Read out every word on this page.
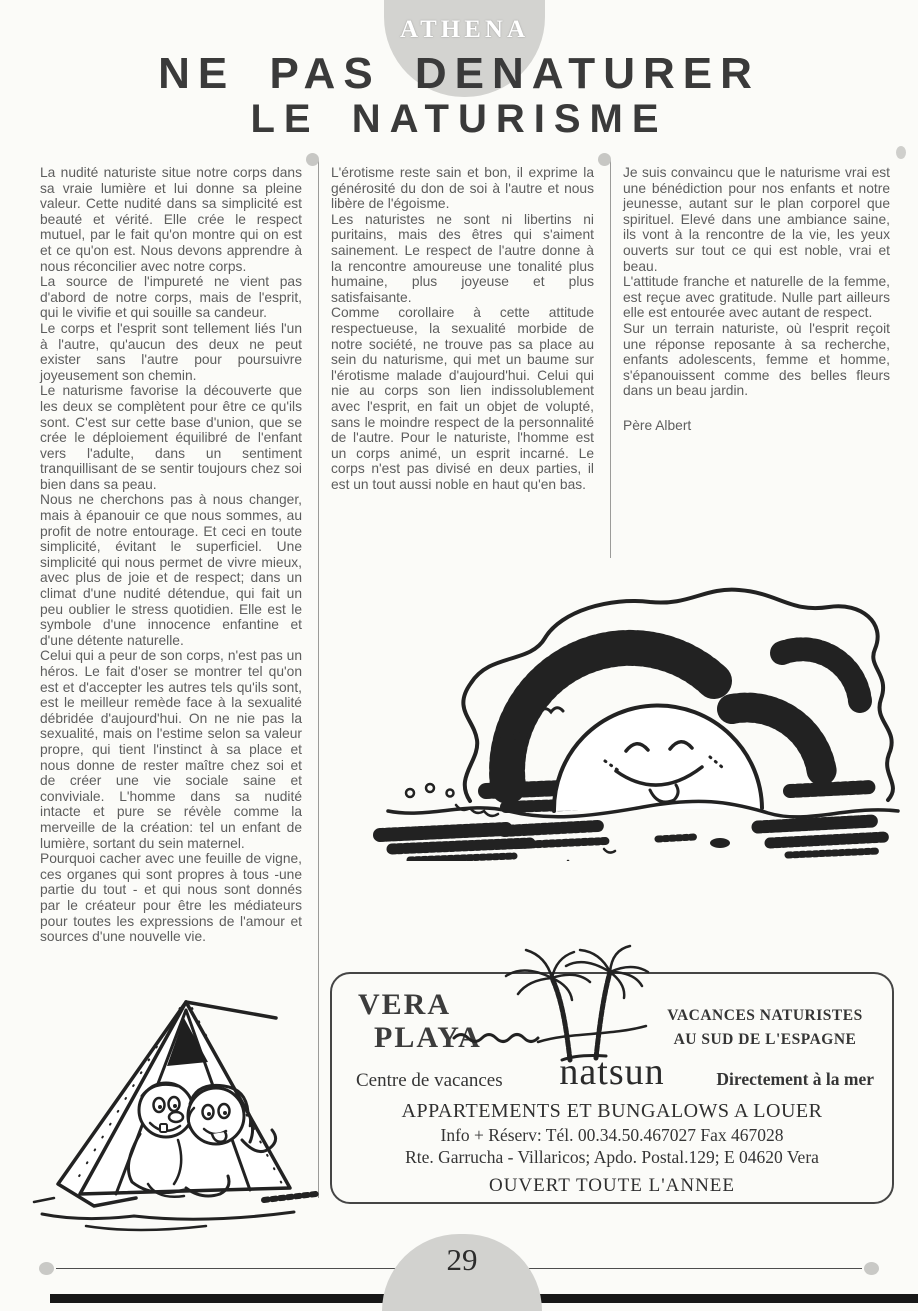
ATHENA
NE PAS DENATURER
LE NATURISME

La nudité naturiste situe notre corps dans sa vraie lumière et lui donne sa pleine valeur. Cette nudité dans sa simplicité est beauté et vérité. Elle crée le respect mutuel, par le fait qu'on montre qui on est et ce qu'on est. Nous devons apprendre à nous réconcilier avec notre corps.

La source de l'impureté ne vient pas d'abord de notre corps, mais de l'esprit, qui le vivifie et qui souille sa candeur.

Le corps et l'esprit sont tellement liés l'un à l'autre, qu'aucun des deux ne peut exister sans l'autre pour poursuivre joyeusement son chemin.

Le naturisme favorise la découverte que les deux se complètent pour être ce qu'ils sont. C'est sur cette base d'union, que se crée le déploiement équilibré de l'enfant vers l'adulte, dans un sentiment tranquillisant de se sentir toujours chez soi bien dans sa peau.

Nous ne cherchons pas à nous changer, mais à épanouir ce que nous sommes, au profit de notre entourage. Et ceci en toute simplicité, évitant le superficiel. Une simplicité qui nous permet de vivre mieux, avec plus de joie et de respect; dans un climat d'une nudité détendue, qui fait un peu oublier le stress quotidien. Elle est le symbole d'une innocence enfantine et d'une détente naturelle.

Celui qui a peur de son corps, n'est pas un héros. Le fait d'oser se montrer tel qu'on est et d'accepter les autres tels qu'ils sont, est le meilleur remède face à la sexualité débridée d'aujourd'hui. On ne nie pas la sexualité, mais on l'estime selon sa valeur propre, qui tient l'instinct à sa place et nous donne de rester maître chez soi et de créer une vie sociale saine et conviviale. L'homme dans sa nudité intacte et pure se révèle comme la merveille de la création: tel un enfant de lumière, sortant du sein maternel.

Pourquoi cacher avec une feuille de vigne, ces organes qui sont propres à tous -une partie du tout - et qui nous sont donnés par le créateur pour être les médiateurs pour toutes les expressions de l'amour et sources d'une nouvelle vie.

L'érotisme reste sain et bon, il exprime la générosité du don de soi à l'autre et nous libère de l'égoisme.

Les naturistes ne sont ni libertins ni puritains, mais des êtres qui s'aiment sainement. Le respect de l'autre donne à la rencontre amoureuse une tonalité plus humaine, plus joyeuse et plus satisfaisante.

Comme corollaire à cette attitude respectueuse, la sexualité morbide de notre société, ne trouve pas sa place au sein du naturisme, qui met un baume sur l'érotisme malade d'aujourd'hui. Celui qui nie au corps son lien indissolublement avec l'esprit, en fait un objet de volupté, sans le moindre respect de la personnalité de l'autre. Pour le naturiste, l'homme est un corps animé, un esprit incarné. Le corps n'est pas divisé en deux parties, il est un tout aussi noble en haut qu'en bas.

Je suis convaincu que le naturisme vrai est une bénédiction pour nos enfants et notre jeunesse, autant sur le plan corporel que spirituel. Elevé dans une ambiance saine, ils vont à la rencontre de la vie, les yeux ouverts sur tout ce qui est noble, vrai et beau.

L'attitude franche et naturelle de la femme, est reçue avec gratitude. Nulle part ailleurs elle est entourée avec autant de respect.

Sur un terrain naturiste, où l'esprit reçoit une réponse reposante à sa recherche, enfants adolescents, femme et homme, s'épanouissent comme des belles fleurs dans un beau jardin.

Père Albert

VERA
PLAYA
VACANCES NATURISTES
AU SUD DE L'ESPAGNE
Centre de vacances	natsun	Directement à la mer
APPARTEMENTS ET BUNGALOWS A LOUER
Info + Réserv: Tél. 00.34.50.467027 Fax 467028
Rte. Garrucha - Villaricos; Apdo. Postal.129; E 04620 Vera
OUVERT TOUTE L'ANNEE
29
